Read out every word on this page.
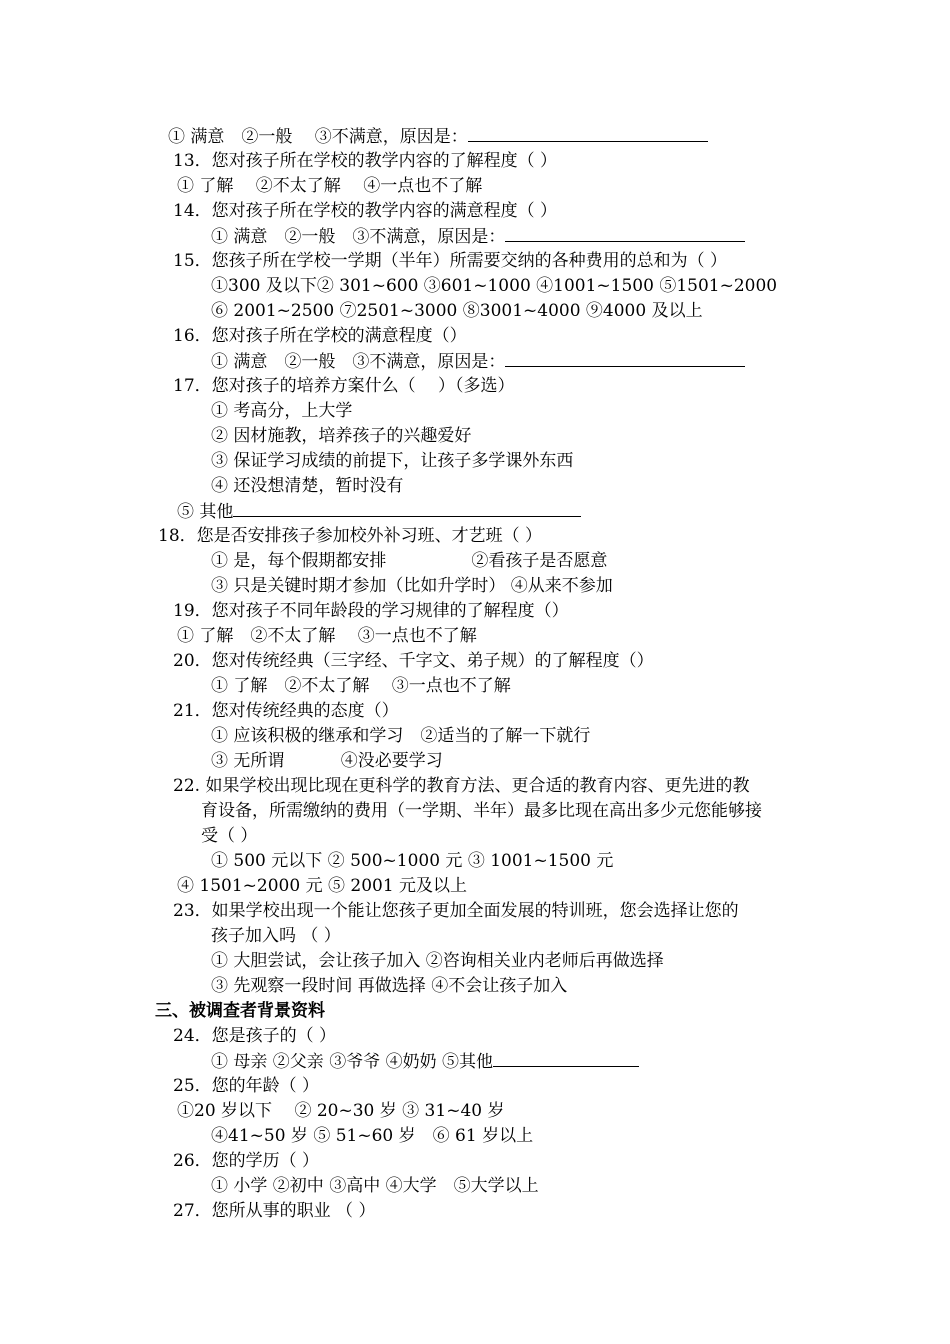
① 满意　②一般　 ③不满意，原因是：
13．您对孩子所在学校的教学内容的了解程度（ ）
① 了解　 ②不太了解　 ④一点也不了解
14．您对孩子所在学校的教学内容的满意程度（ ）
① 满意　②一般　③不满意，原因是：
15．您孩子所在学校一学期（半年）所需要交纳的各种费用的总和为（ ）
①300 及以下② 301~600 ③601~1000 ④1001~1500 ⑤1501~2000
⑥ 2001~2500 ⑦2501~3000 ⑧3001~4000 ⑨4000 及以上
16．您对孩子所在学校的满意程度（）
① 满意　②一般　③不满意，原因是：
17．您对孩子的培养方案什么（　 ）（多选）
① 考高分，上大学
② 因材施教，培养孩子的兴趣爱好
③ 保证学习成绩的前提下，让孩子多学课外东西
④ 还没想清楚，暂时没有
⑤ 其他
18．您是否安排孩子参加校外补习班、才艺班（ ）
① 是，每个假期都安排　　　　　②看孩子是否愿意
③ 只是关键时期才参加（比如升学时） ④从来不参加
19．您对孩子不同年龄段的学习规律的了解程度（）
① 了解　②不太了解　 ③一点也不了解
20．您对传统经典（三字经、千字文、弟子规）的了解程度（）
① 了解　②不太了解　 ③一点也不了解
21．您对传统经典的态度（）
① 应该积极的继承和学习　②适当的了解一下就行
③ 无所谓　　　 ④没必要学习
22. 如果学校出现比现在更科学的教育方法、更合适的教育内容、更先进的教
育设备，所需缴纳的费用（一学期、半年）最多比现在高出多少元您能够接
受（ ）
① 500 元以下 ② 500~1000 元 ③ 1001~1500 元
④ 1501~2000 元 ⑤ 2001 元及以上
23．如果学校出现一个能让您孩子更加全面发展的特训班，您会选择让您的
孩子加入吗 （ ）
① 大胆尝试，会让孩子加入 ②咨询相关业内老师后再做选择
③ 先观察一段时间 再做选择 ④不会让孩子加入
三、被调查者背景资料
24．您是孩子的（ ）
① 母亲 ②父亲 ③爷爷 ④奶奶 ⑤其他
25．您的年龄（ ）
①20 岁以下　 ② 20~30 岁 ③ 31~40 岁
④41~50 岁 ⑤ 51~60 岁　⑥ 61 岁以上
26．您的学历（ ）
① 小学 ②初中 ③高中 ④大学　⑤大学以上
27．您所从事的职业 （ ）
